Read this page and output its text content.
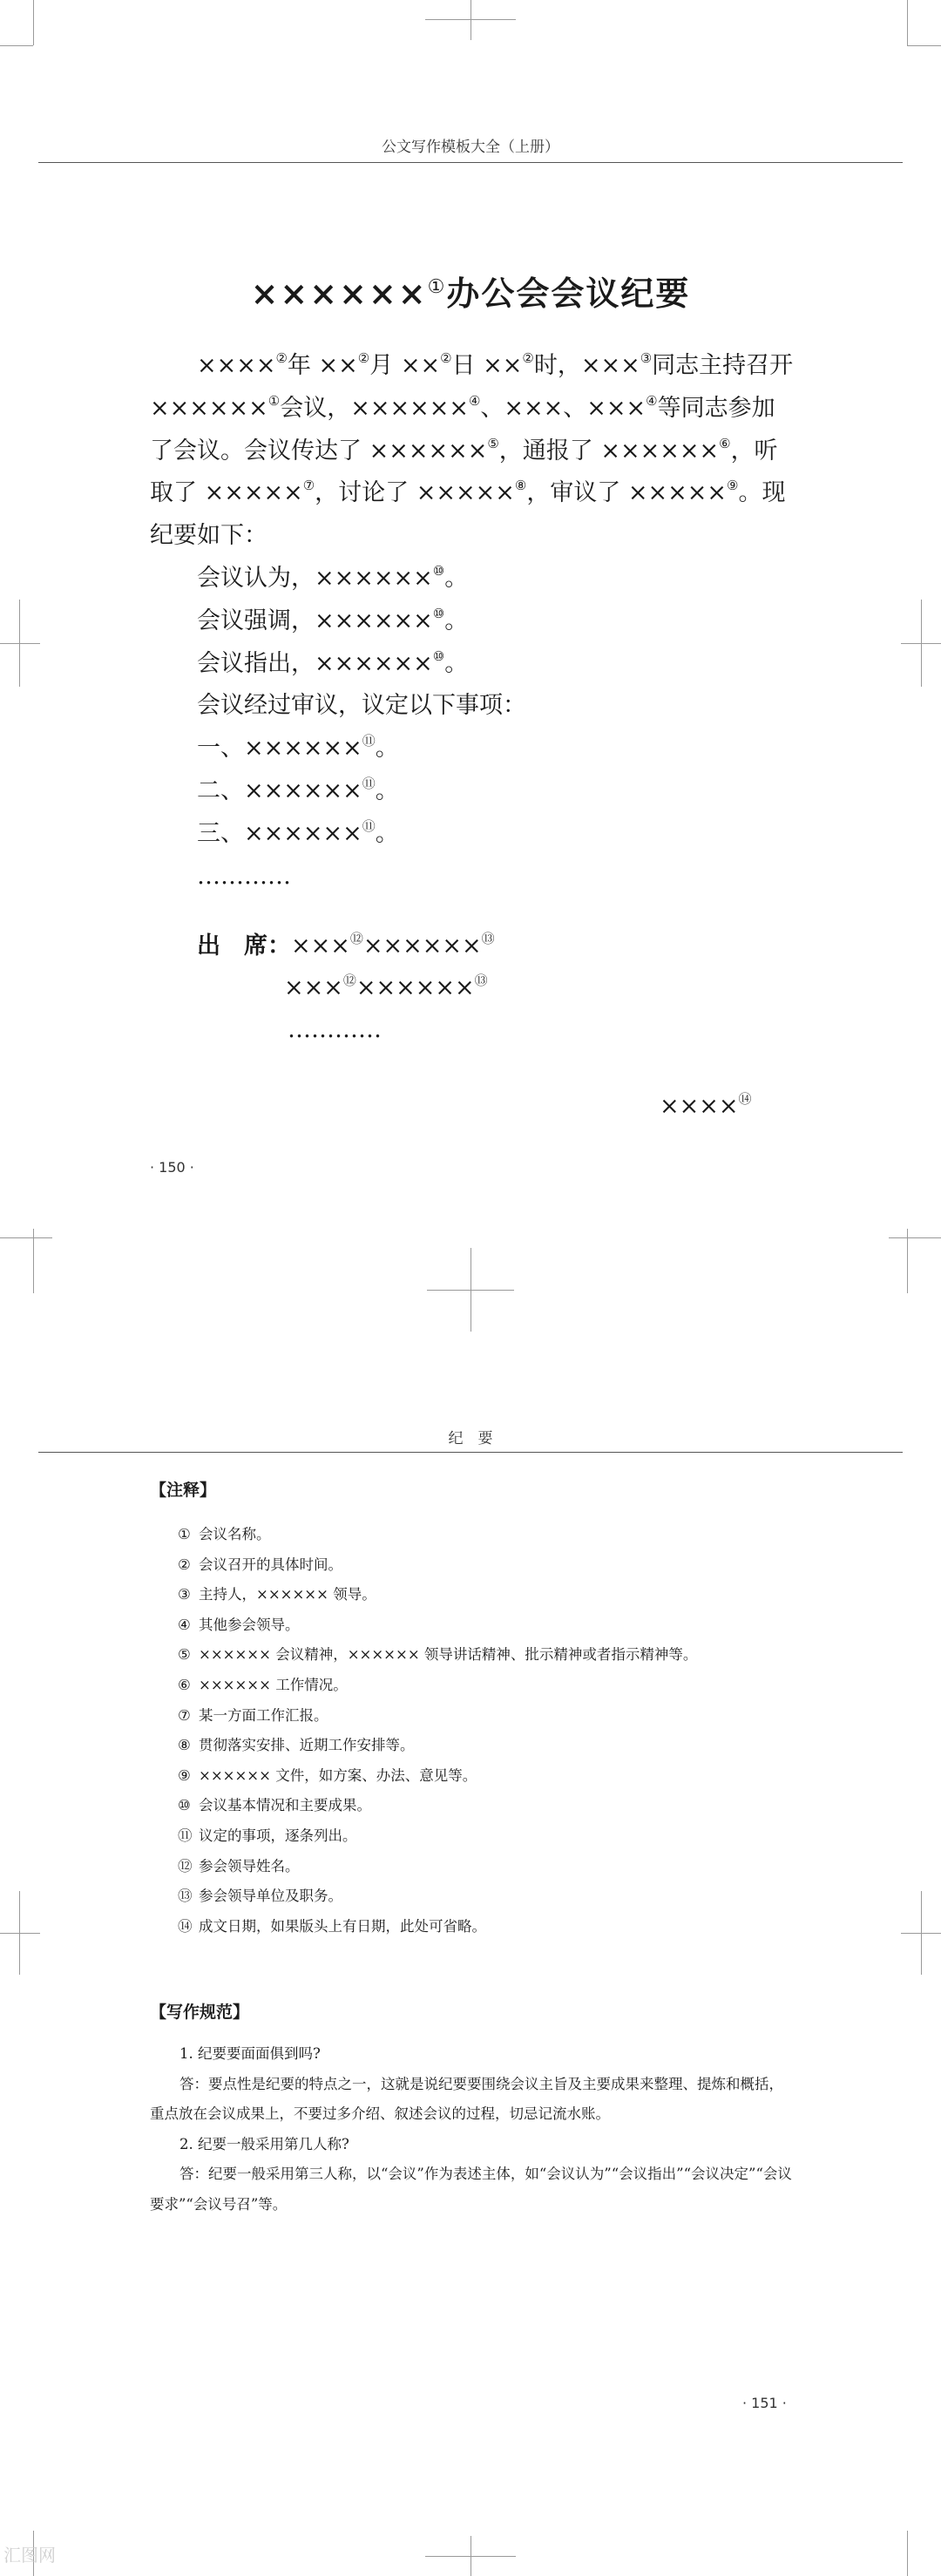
公文写作模板大全（上册）
××××××①办公会会议纪要

××××②年 ××②月 ××②日 ××②时，×××③同志主持召开 ××××××①会议，××××××④、×××、×××④等同志参加了会议。会议传达了 ××××××⑤，通报了 ××××××⑥，听取了 ×××××⑦，讨论了 ×××××⑧，审议了 ×××××⑨。现纪要如下：

会议认为，××××××⑩。

会议强调，××××××⑩。

会议指出，××××××⑩。

会议经过审议，议定以下事项：

一、××××××⑪。

二、××××××⑪。

三、××××××⑪。

…………

出　席：×××⑫××××××⑬
×××⑫××××××⑬
…………
××××⑭
· 150 ·
纪　要
· 151 ·
【注释】
① 会议名称。
② 会议召开的具体时间。
③ 主持人，×××××× 领导。
④ 其他参会领导。
⑤ ×××××× 会议精神，×××××× 领导讲话精神、批示精神或者指示精神等。
⑥ ×××××× 工作情况。
⑦ 某一方面工作汇报。
⑧ 贯彻落实安排、近期工作安排等。
⑨ ×××××× 文件，如方案、办法、意见等。
⑩ 会议基本情况和主要成果。
⑪ 议定的事项，逐条列出。
⑫ 参会领导姓名。
⑬ 参会领导单位及职务。
⑭ 成文日期，如果版头上有日期，此处可省略。
【写作规范】

1. 纪要要面面俱到吗?

答：要点性是纪要的特点之一，这就是说纪要要围绕会议主旨及主要成果来整理、提炼和概括，重点放在会议成果上，不要过多介绍、叙述会议的过程，切忌记流水账。

2. 纪要一般采用第几人称?

答：纪要一般采用第三人称，以“会议”作为表述主体，如“会议认为”“会议指出”“会议决定”“会议要求”“会议号召”等。

汇图网
